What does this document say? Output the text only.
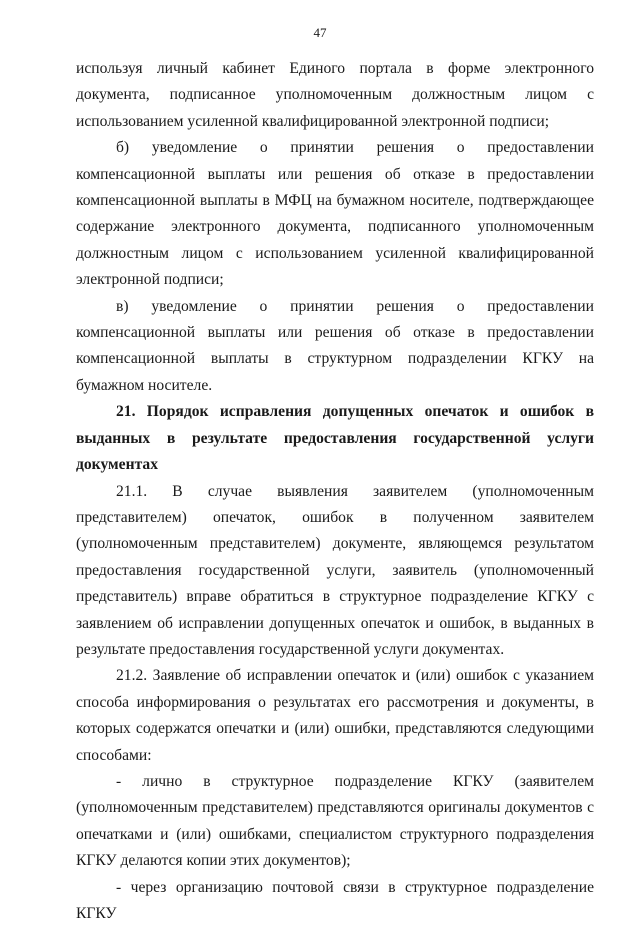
47

используя личный кабинет Единого портала в форме электронного документа, подписанное уполномоченным должностным лицом с использованием усиленной квалифицированной электронной подписи;

б) уведомление о принятии решения о предоставлении компенсационной выплаты или решения об отказе в предоставлении компенсационной выплаты в МФЦ на бумажном носителе, подтверждающее содержание электронного документа, подписанного уполномоченным должностным лицом с использованием усиленной квалифицированной электронной подписи;

в) уведомление о принятии решения о предоставлении компенсационной выплаты или решения об отказе в предоставлении компенсационной выплаты в структурном подразделении КГКУ на бумажном носителе.

21. Порядок исправления допущенных опечаток и ошибок в выданных в результате предоставления государственной услуги документах

21.1. В случае выявления заявителем (уполномоченным представителем) опечаток, ошибок в полученном заявителем (уполномоченным представителем) документе, являющемся результатом предоставления государственной услуги, заявитель (уполномоченный представитель) вправе обратиться в структурное подразделение КГКУ с заявлением об исправлении допущенных опечаток и ошибок, в выданных в результате предоставления государственной услуги документах.

21.2. Заявление об исправлении опечаток и (или) ошибок с указанием способа информирования о результатах его рассмотрения и документы, в которых содержатся опечатки и (или) ошибки, представляются следующими способами:

- лично в структурное подразделение КГКУ (заявителем (уполномоченным представителем) представляются оригиналы документов с опечатками и (или) ошибками, специалистом структурного подразделения КГКУ делаются копии этих документов);

- через организацию почтовой связи в структурное подразделение КГКУ
